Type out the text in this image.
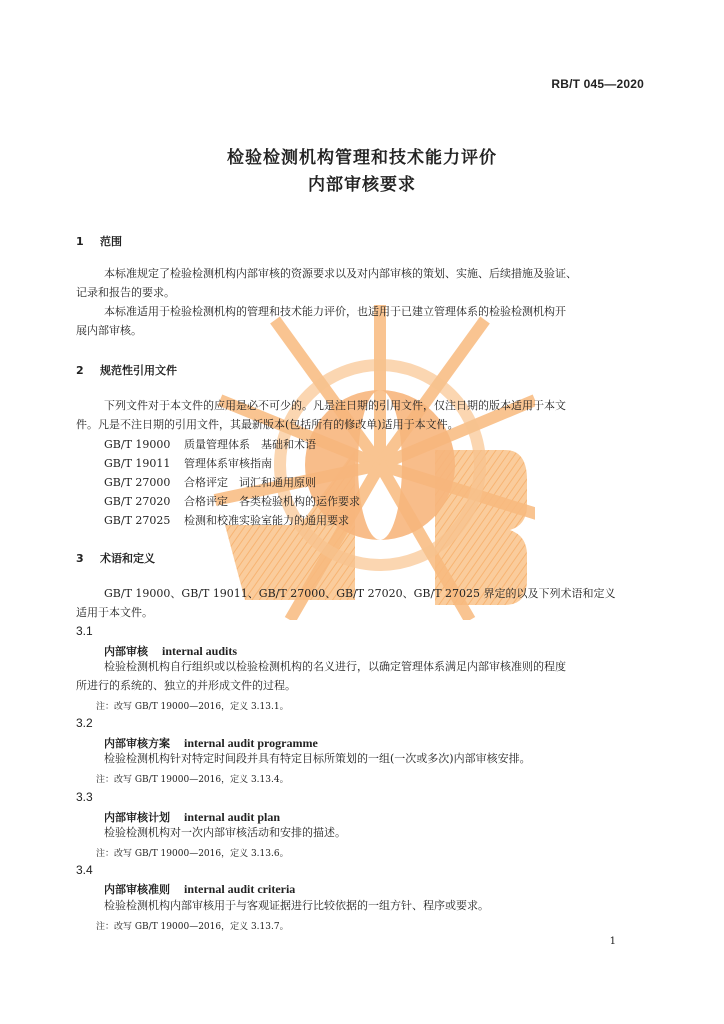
RB/T 045—2020
检验检测机构管理和技术能力评价
内部审核要求
1 范围
本标准规定了检验检测机构内部审核的资源要求以及对内部审核的策划、实施、后续措施及验证、
记录和报告的要求。
本标准适用于检验检测机构的管理和技术能力评价，也适用于已建立管理体系的检验检测机构开
展内部审核。
2 规范性引用文件
下列文件对于本文件的应用是必不可少的。凡是注日期的引用文件，仅注日期的版本适用于本文
件。凡是不注日期的引用文件，其最新版本(包括所有的修改单)适用于本文件。
GB/T 19000 质量管理体系　基础和术语
GB/T 19011 管理体系审核指南
GB/T 27000 合格评定　词汇和通用原则
GB/T 27020 合格评定　各类检验机构的运作要求
GB/T 27025 检测和校准实验室能力的通用要求
3 术语和定义
GB/T 19000、GB/T 19011、GB/T 27000、GB/T 27020、GB/T 27025 界定的以及下列术语和定义
适用于本文件。
3.1
内部审核 internal audits
检验检测机构自行组织或以检验检测机构的名义进行，以确定管理体系满足内部审核准则的程度
所进行的系统的、独立的并形成文件的过程。
注：改写 GB/T 19000—2016，定义 3.13.1。
3.2
内部审核方案 internal audit programme
检验检测机构针对特定时间段并具有特定目标所策划的一组(一次或多次)内部审核安排。
注：改写 GB/T 19000—2016，定义 3.13.4。
3.3
内部审核计划 internal audit plan
检验检测机构对一次内部审核活动和安排的描述。
注：改写 GB/T 19000—2016，定义 3.13.6。
3.4
内部审核准则 internal audit criteria
检验检测机构内部审核用于与客观证据进行比较依据的一组方针、程序或要求。
注：改写 GB/T 19000—2016，定义 3.13.7。
1
